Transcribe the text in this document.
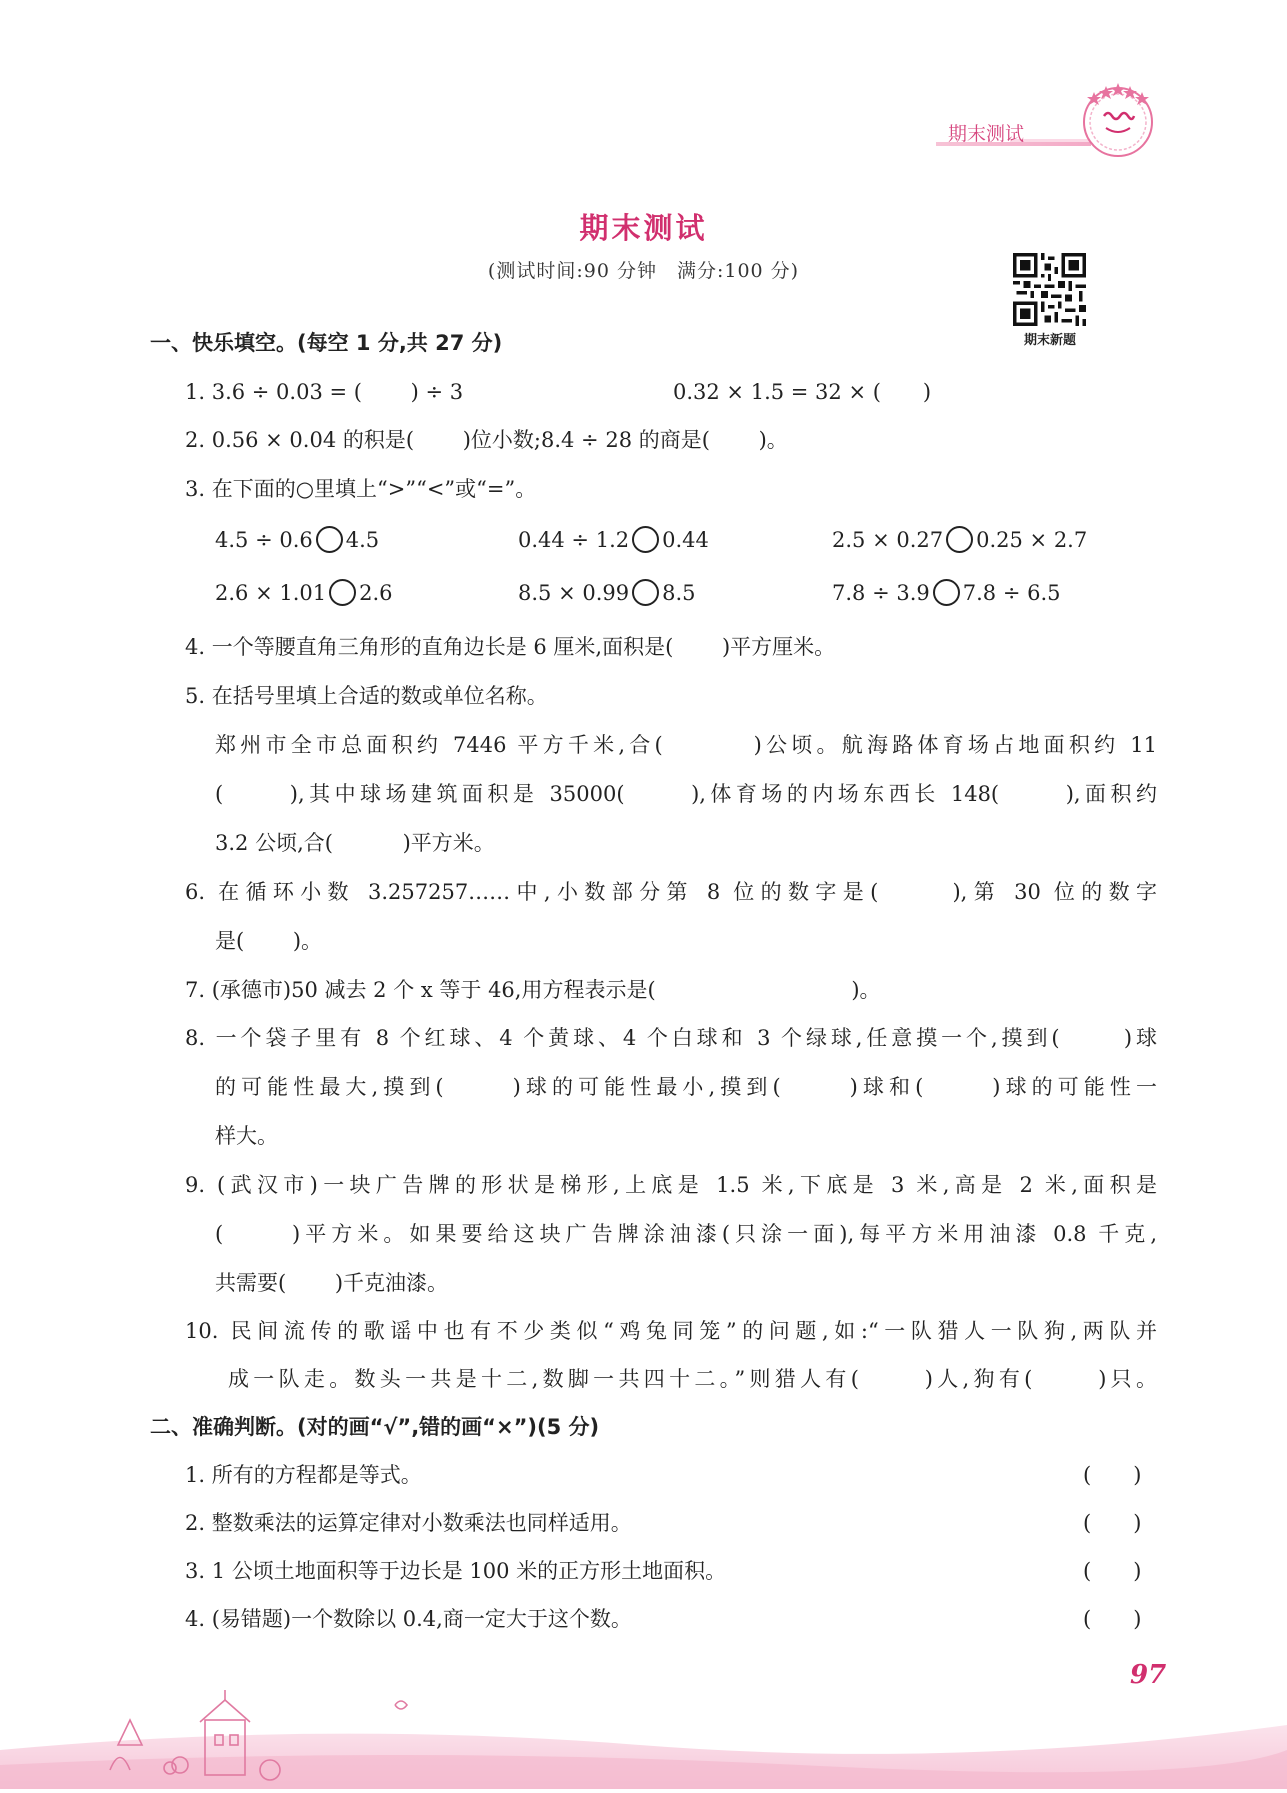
期末测试
期末测试
(测试时间:90 分钟　满分:100 分)
期末新题
一、快乐填空。(每空 1 分,共 27 分)
1. 3.6 ÷ 0.03 = (　　 ) ÷ 3	0.32 × 1.5 = 32 × (　　)
2. 0.56 × 0.04 的积是(　　 )位小数;8.4 ÷ 28 的商是(　　 )。
3. 在下面的○里填上“>”“<”或“=”。
4.5 ÷ 0.6 4.5	0.44 ÷ 1.2 0.44	2.5 × 0.27 0.25 × 2.7
2.6 × 1.01 2.6	8.5 × 0.99 8.5	7.8 ÷ 3.9 7.8 ÷ 6.5
4. 一个等腰直角三角形的直角边长是 6 厘米,面积是(　　 )平方厘米。
5. 在括号里填上合适的数或单位名称。
郑州市全市总面积约 7446 平方千米,合(　　　 )公顷。航海路体育场占地面积约 11
(　　 ),其中球场建筑面积是 35000(　　 ),体育场的内场东西长 148(　　 ),面积约
3.2 公顷,合(　　　 )平方米。
6. 在循环小数 3.257257……中,小数部分第 8 位的数字是(　　 ),第 30 位的数字
是(　　 )。
7. (承德市)50 减去 2 个 x 等于 46,用方程表示是(　　　　　　　　　 )。
8. 一个袋子里有 8 个红球、4 个黄球、4 个白球和 3 个绿球,任意摸一个,摸到(　　 )球
的可能性最大,摸到(　　 )球的可能性最小,摸到(　　 )球和(　　 )球的可能性一
样大。
9. (武汉市)一块广告牌的形状是梯形,上底是 1.5 米,下底是 3 米,高是 2 米,面积是
(　　 )平方米。如果要给这块广告牌涂油漆(只涂一面),每平方米用油漆 0.8 千克,
共需要(　　 )千克油漆。
10. 民间流传的歌谣中也有不少类似“鸡兔同笼”的问题,如:“一队猎人一队狗,两队并
成一队走。数头一共是十二,数脚一共四十二。”则猎人有(　　 )人,狗有(　　 )只。
二、准确判断。(对的画“√”,错的画“×”)(5 分)
1. 所有的方程都是等式。	(　　)
2. 整数乘法的运算定律对小数乘法也同样适用。	(　　)
3. 1 公顷土地面积等于边长是 100 米的正方形土地面积。	(　　)
4. (易错题)一个数除以 0.4,商一定大于这个数。	(　　)
97
